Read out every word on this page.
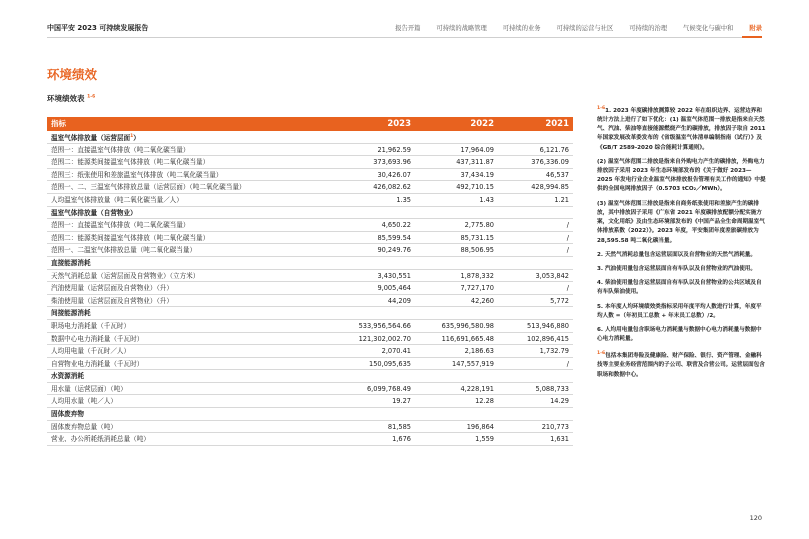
中国平安 2023 可持续发展报告	报告开篇	可持续的战略管理	可持续的业务	可持续的运营与社区	可持续的治理	气候变化与碳中和	附录
环境绩效
环境绩效表 $^{1-6}$
指标	2023	2022	2021
温室气体排放量（运营层面$^1$）
范围一：直接温室气体排放（吨二氧化碳当量）	21,962.59	17,964.09	6,121.76
范围二：能源类间接温室气体排放（吨二氧化碳当量）	373,693.96	437,311.87	376,336.09
范围三：纸张使用和差旅温室气体排放（吨二氧化碳当量）	30,426.07	37,434.19	46,537
范围一、二、三温室气体排放总量（运营层面）（吨二氧化碳当量）	426,082.62	492,710.15	428,994.85
人均温室气体排放量（吨二氧化碳当量／人）	1.35	1.43	1.21
温室气体排放量（自营物业）
范围一：直接温室气体排放（吨二氧化碳当量）	4,650.22	2,775.80	/
范围二：能源类间接温室气体排放（吨二氧化碳当量）	85,599.54	85,731.15	/
范围一、二温室气体排放总量（吨二氧化碳当量）	90,249.76	88,506.95	/
直接能源消耗
天然气消耗总量（运营层面及自营物业）（立方米）	3,430,551	1,878,332	3,053,842
汽油使用量（运营层面及自营物业）（升）	9,005,464	7,727,170	/
柴油使用量（运营层面及自营物业）（升）	44,209	42,260	5,772
间接能源消耗
职场电力消耗量（千瓦时）	533,956,564.66	635,996,580.98	513,946,880
数据中心电力消耗量（千瓦时）	121,302,002.70	116,691,665.48	102,896,415
人均用电量（千瓦时／人）	2,070.41	2,186.63	1,732.79
自营物业电力消耗量（千瓦时）	150,095,635	147,557,919	/
水资源消耗
用水量（运营层面）（吨）	6,099,768.49	4,228,191	5,088,733
人均用水量（吨／人）	19.27	12.28	14.29
固体废弃物
固体废弃物总量（吨）	81,585	196,864	210,773
营业、办公所耗纸消耗总量（吨）	1,676	1,559	1,631

$^{1-6}$1. 2023 年度碳排放测算较 2022 年在组织边界、运营边界和统计方法上进行了如下优化：(1) 温室气体范围一排放是指来自天然气、汽油、柴油等直接能源燃烧产生的碳排放，排放因子取自 2011 年国家发展改革委发布的《省级温室气体清单编制指南（试行）》及《GB/T 2589-2020 综合能耗计算通则》。

(2) 温室气体范围二排放是指来自外购电力产生的碳排放，外购电力排放因子采用 2023 年生态环境部发布的《关于做好 2023—2025 年发电行业企业温室气体排放报告管理有关工作的通知》中提供的全国电网排放因子（0.5703 tCO₂／MWh）。

(3) 温室气体范围三排放是指来自商务纸张使用和差旅产生的碳排放，其中排放因子采用《广东省 2021 年度碳排放配额分配实施方案，文化用纸》及由生态环境部发布的《中国产品全生命周期温室气体排放系数（2022）》。2023 年度，平安集团年度差旅碳排放为 28,595.58 吨二氧化碳当量。

2. 天然气消耗总量包含运营层面以及自营物业的天然气消耗量。

3. 汽油使用量包含运营层面自有车队以及自营物业的汽油使用。

4. 柴油使用量包含运营层面自有车队以及自营物业的公共区域及自有车队柴油使用。

5. 本年度人均环境绩效类指标采用年度平均人数进行计算，年度平均人数 =（年初员工总数 + 年末员工总数）/2。

6. 人均用电量包含职场电力消耗量与数据中心电力消耗量与数据中心电力消耗量。

$^{1-6}$包括本集团寿险及健康险、财产保险、银行、资产管理、金融科技等主要业务经营范围内的子公司、联营及合营公司。运营层面包含职场和数据中心。

120
